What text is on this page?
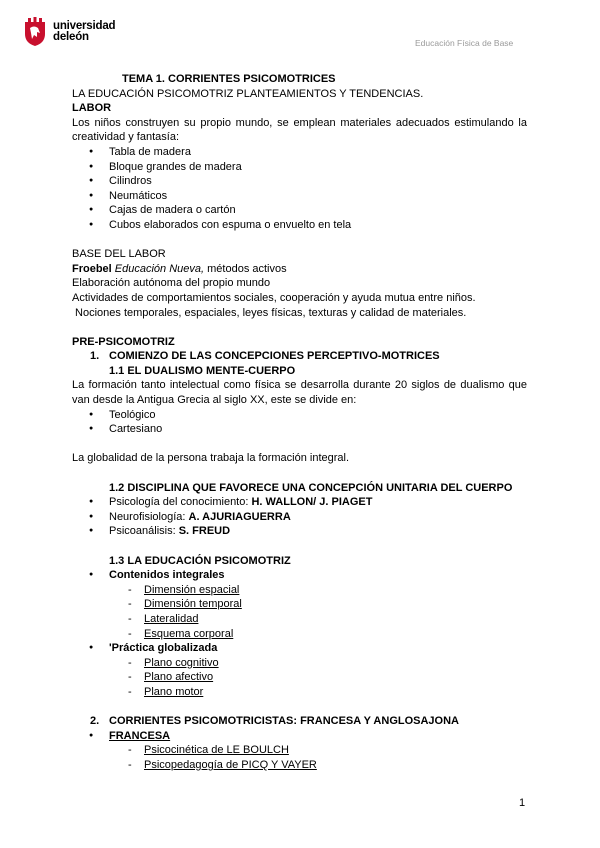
universidad
deleón	Educación Física de Base
TEMA 1. CORRIENTES PSICOMOTRICES
LA EDUCACIÓN PSICOMOTRIZ PLANTEAMIENTOS Y TENDENCIAS.
LABOR
Los niños construyen su propio mundo, se emplean materiales adecuados estimulando la creatividad y fantasía:
● Tabla de madera
● Bloque grandes de madera
● Cilindros
● Neumáticos
● Cajas de madera o cartón
● Cubos elaborados con espuma o envuelto en tela
BASE DEL LABOR
Froebel Educación Nueva, métodos activos
Elaboración autónoma del propio mundo
Actividades de comportamientos sociales, cooperación y ayuda mutua entre niños.
Nociones temporales, espaciales, leyes físicas, texturas y calidad de materiales.
PRE-PSICOMOTRIZ
1. COMIENZO DE LAS CONCEPCIONES PERCEPTIVO-MOTRICES
1.1 EL DUALISMO MENTE-CUERPO
La formación tanto intelectual como física se desarrolla durante 20 siglos de dualismo que van desde la Antigua Grecia al siglo XX, este se divide en:
● Teológico
● Cartesiano
La globalidad de la persona trabaja la formación integral.
1.2 DISCIPLINA QUE FAVORECE UNA CONCEPCIÓN UNITARIA DEL CUERPO
● Psicología del conocimiento: H. WALLON/ J. PIAGET
● Neurofisiología: A. AJURIAGUERRA
● Psicoanálisis: S. FREUD
1.3 LA EDUCACIÓN PSICOMOTRIZ
● Contenidos integrales
- Dimensión espacial
- Dimensión temporal
- Lateralidad
- Esquema corporal
● 'Práctica globalizada
- Plano cognitivo
- Plano afectivo
- Plano motor
2. CORRIENTES PSICOMOTRICISTAS: FRANCESA Y ANGLOSAJONA
● FRANCESA
- Psicocinética de LE BOULCH
- Psicopedagogía de PICQ Y VAYER
1
